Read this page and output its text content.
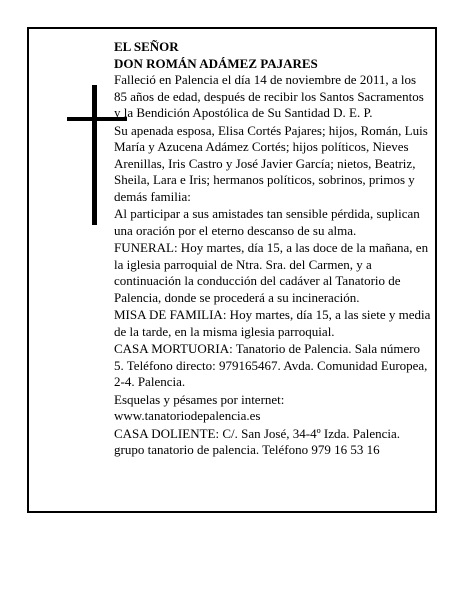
EL SEÑOR
DON ROMÁN ADÁMEZ PAJARES

Falleció en Palencia el día 14 de noviembre de 2011, a los 85 años de edad, después de recibir los Santos Sacramentos y la Bendición Apostólica de Su Santidad D. E. P.

Su apenada esposa, Elisa Cortés Pajares; hijos, Román, Luis María y Azucena Adámez Cortés; hijos políticos, Nieves Arenillas, Iris Castro y José Javier García; nietos, Beatriz, Sheila, Lara e Iris; hermanos políticos, sobrinos, primos y demás familia:

Al participar a sus amistades tan sensible pérdida, suplican una oración por el eterno descanso de su alma.

FUNERAL: Hoy martes, día 15, a las doce de la mañana, en la iglesia parroquial de Ntra. Sra. del Carmen, y a continuación la conducción del cadáver al Tanatorio de Palencia, donde se procederá a su incineración.

MISA DE FAMILIA: Hoy martes, día 15, a las siete y media de la tarde, en la misma iglesia parroquial.

CASA MORTUORIA: Tanatorio de Palencia. Sala número 5. Teléfono directo: 979165467. Avda. Comunidad Europea, 2-4. Palencia.

Esquelas y pésames por internet: www.tanatoriodepalencia.es

CASA DOLIENTE: C/. San José, 34-4º Izda. Palencia. grupo tanatorio de palencia. Teléfono 979 16 53 16
